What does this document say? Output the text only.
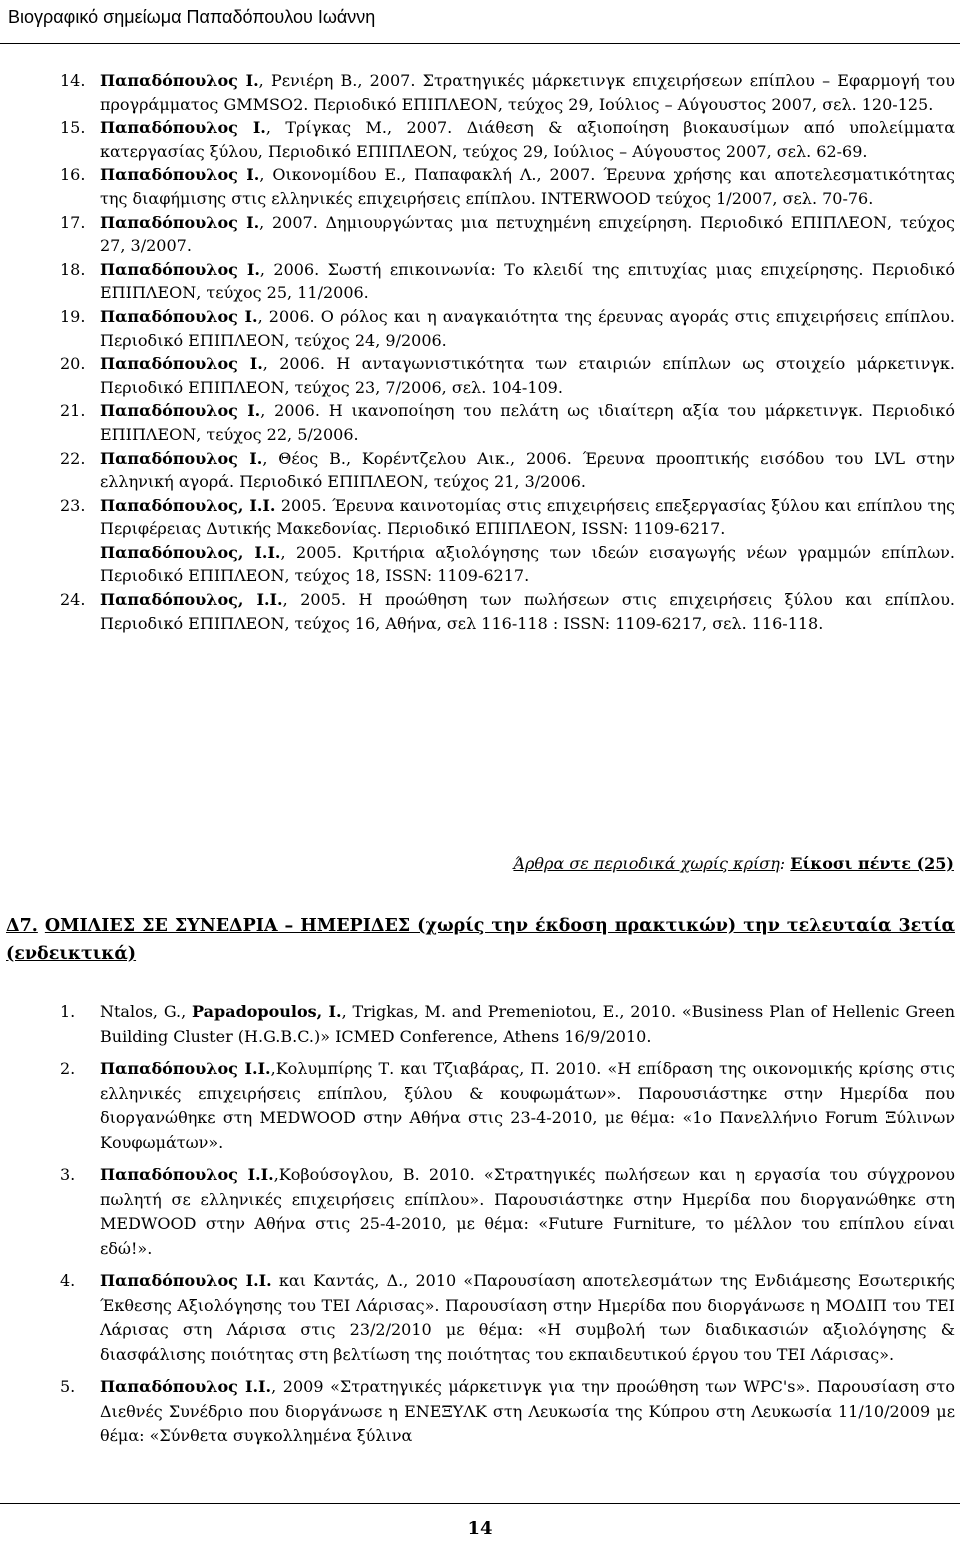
Βιογραφικό σημείωμα Παπαδόπουλου Ιωάννη
14. Παπαδόπουλος Ι., Ρενιέρη Β., 2007. Στρατηγικές μάρκετινγκ επιχειρήσεων επίπλου – Εφαρμογή του προγράμματος GMMSO2. Περιοδικό ΕΠΙΠΛΕΟΝ, τεύχος 29, Ιούλιος – Αύγουστος 2007, σελ. 120-125.
15. Παπαδόπουλος Ι., Τρίγκας Μ., 2007. Διάθεση & αξιοποίηση βιοκαυσίμων από υπολείμματα κατεργασίας ξύλου, Περιοδικό ΕΠΙΠΛΕΟΝ, τεύχος 29, Ιούλιος – Αύγουστος 2007, σελ. 62-69.
16. Παπαδόπουλος Ι., Οικονομίδου Ε., Παπαφακλή Λ., 2007. Έρευνα χρήσης και αποτελεσματικότητας της διαφήμισης στις ελληνικές επιχειρήσεις επίπλου. INTERWOOD τεύχος 1/2007, σελ. 70-76.
17. Παπαδόπουλος Ι., 2007. Δημιουργώντας μια πετυχημένη επιχείρηση. Περιοδικό ΕΠΙΠΛΕΟΝ, τεύχος 27, 3/2007.
18. Παπαδόπουλος Ι., 2006. Σωστή επικοινωνία: Το κλειδί της επιτυχίας μιας επιχείρησης. Περιοδικό ΕΠΙΠΛΕΟΝ, τεύχος 25, 11/2006.
19. Παπαδόπουλος Ι., 2006. Ο ρόλος και η αναγκαιότητα της έρευνας αγοράς στις επιχειρήσεις επίπλου. Περιοδικό ΕΠΙΠΛΕΟΝ, τεύχος 24, 9/2006.
20. Παπαδόπουλος Ι., 2006. Η ανταγωνιστικότητα των εταιριών επίπλων ως στοιχείο μάρκετινγκ. Περιοδικό ΕΠΙΠΛΕΟΝ, τεύχος 23, 7/2006, σελ. 104-109.
21. Παπαδόπουλος Ι., 2006. Η ικανοποίηση του πελάτη ως ιδιαίτερη αξία του μάρκετινγκ. Περιοδικό ΕΠΙΠΛΕΟΝ, τεύχος 22, 5/2006.
22. Παπαδόπουλος Ι., Θέος Β., Κορέντζελου Αικ., 2006. Έρευνα προοπτικής εισόδου του LVL στην ελληνική αγορά. Περιοδικό ΕΠΙΠΛΕΟΝ, τεύχος 21, 3/2006.
23. Παπαδόπουλος, Ι.Ι. 2005. Έρευνα καινοτομίας στις επιχειρήσεις επεξεργασίας ξύλου και επίπλου της Περιφέρειας Δυτικής Μακεδονίας. Περιοδικό ΕΠΙΠΛΕΟΝ, ISSN: 1109-6217.
Παπαδόπουλος, Ι.Ι., 2005. Κριτήρια αξιολόγησης των ιδεών εισαγωγής νέων γραμμών επίπλων. Περιοδικό ΕΠΙΠΛΕΟΝ, τεύχος 18, ISSN: 1109-6217.
24. Παπαδόπουλος, Ι.Ι., 2005. Η προώθηση των πωλήσεων στις επιχειρήσεις ξύλου και επίπλου. Περιοδικό ΕΠΙΠΛΕΟΝ, τεύχος 16, Αθήνα, σελ 116-118 : ISSN: 1109-6217, σελ. 116-118.
Άρθρα σε περιοδικά χωρίς κρίση: Είκοσι πέντε (25)
Δ7. ΟΜΙΛΙΕΣ ΣΕ ΣΥΝΕΔΡΙΑ – ΗΜΕΡΙΔΕΣ (χωρίς την έκδοση πρακτικών) την τελευταία 3ετία (ενδεικτικά)
1.	Ntalos, G., Papadopoulos, I., Trigkas, M. and Premeniotou, E., 2010. «Business Plan of Hellenic Green Building Cluster (H.G.B.C.)» ICMED Conference, Athens 16/9/2010.
2.	Παπαδόπουλος Ι.Ι.,Κολυμπίρης Τ. και Τζιαβάρας, Π. 2010. «Η επίδραση της οικονομικής κρίσης στις ελληνικές επιχειρήσεις επίπλου, ξύλου & κουφωμάτων». Παρουσιάστηκε στην Ημερίδα που διοργανώθηκε στη MEDWOOD στην Αθήνα στις 23-4-2010, με θέμα: «1ο Πανελλήνιο Forum Ξύλινων Κουφωμάτων».
3.	Παπαδόπουλος Ι.Ι.,Κοβούσογλου, Β. 2010. «Στρατηγικές πωλήσεων και η εργασία του σύγχρονου πωλητή σε ελληνικές επιχειρήσεις επίπλου». Παρουσιάστηκε στην Ημερίδα που διοργανώθηκε στη MEDWOOD στην Αθήνα στις 25-4-2010, με θέμα: «Future Furniture, το μέλλον του επίπλου είναι εδώ!».
4.	Παπαδόπουλος Ι.Ι. και Καντάς, Δ., 2010 «Παρουσίαση αποτελεσμάτων της Ενδιάμεσης Εσωτερικής Έκθεσης Αξιολόγησης του ΤΕΙ Λάρισας». Παρουσίαση στην Ημερίδα που διοργάνωσε η ΜΟΔΙΠ του ΤΕΙ Λάρισας στη Λάρισα στις 23/2/2010 με θέμα: «Η συμβολή των διαδικασιών αξιολόγησης & διασφάλισης ποιότητας στη βελτίωση της ποιότητας του εκπαιδευτικού έργου του ΤΕΙ Λάρισας».
5.	Παπαδόπουλος Ι.Ι., 2009 «Στρατηγικές μάρκετινγκ για την προώθηση των WPC's». Παρουσίαση στο Διεθνές Συνέδριο που διοργάνωσε η ΕΝΕΞΥΛΚ στη Λευκωσία της Κύπρου στη Λευκωσία 11/10/2009 με θέμα: «Σύνθετα συγκολλημένα ξύλινα
14
